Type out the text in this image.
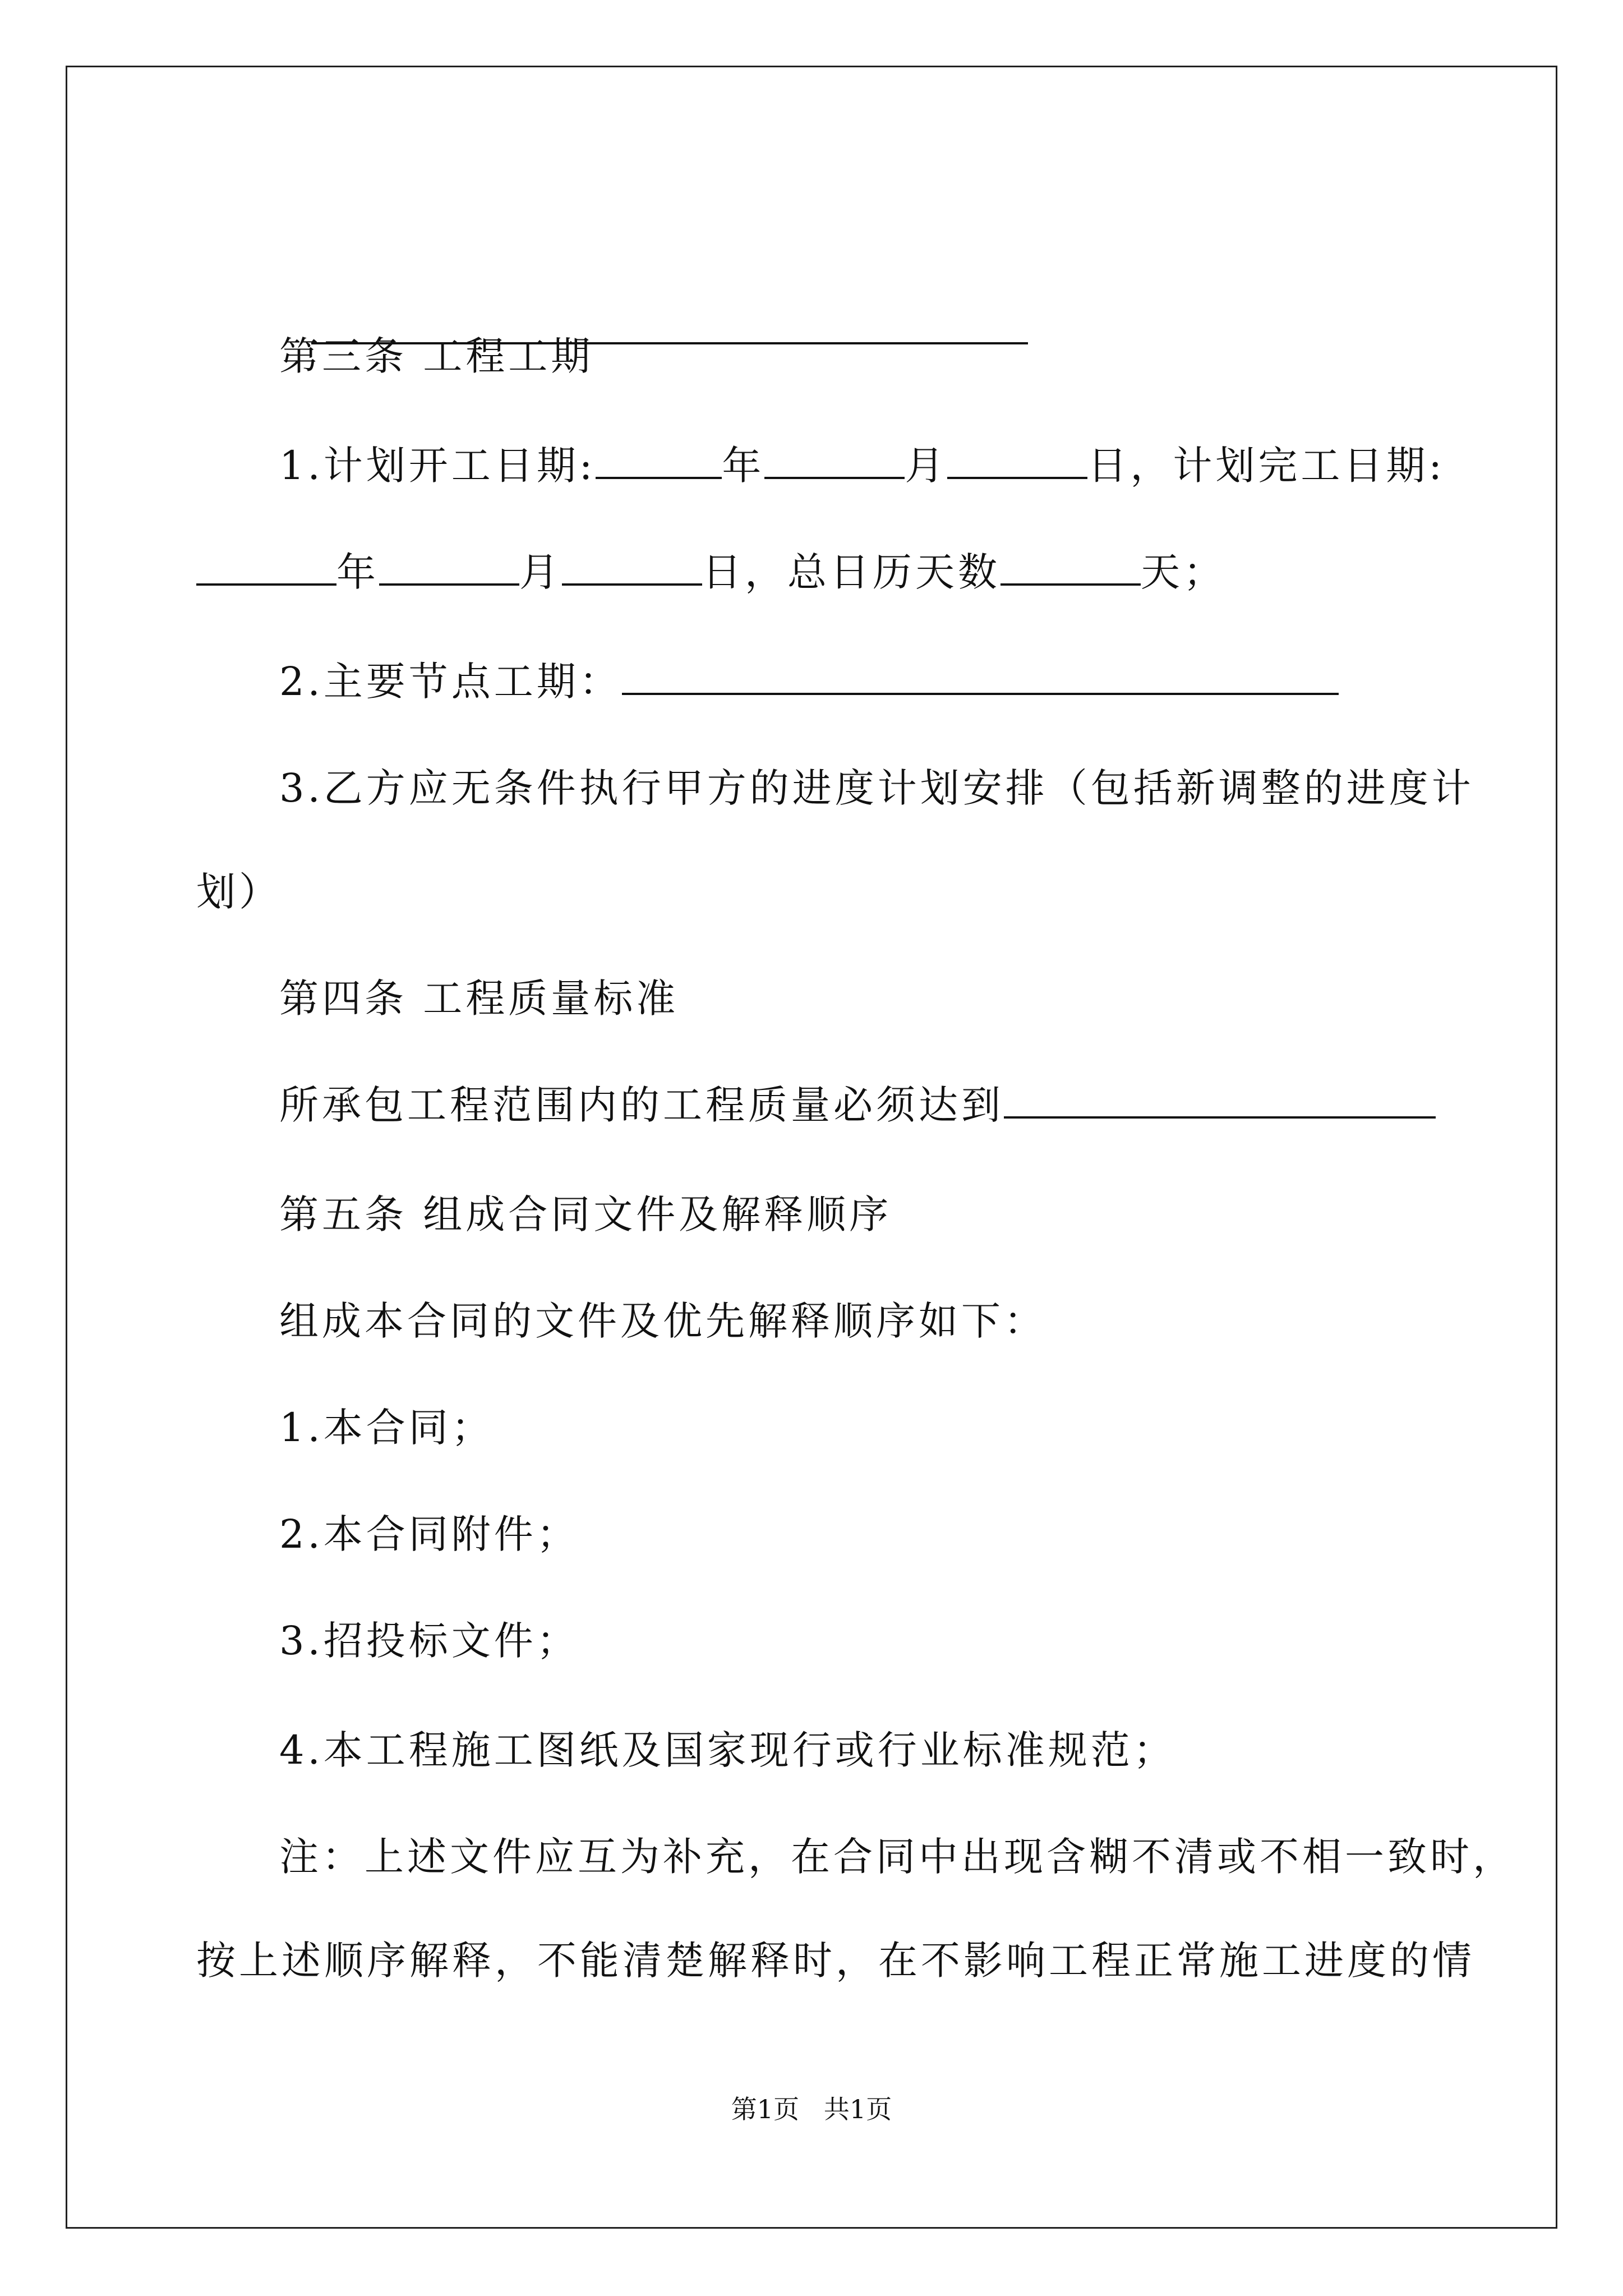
第三条 工程工期
1.计划开工日期:	年	月	日，计划完工日期:
年	月	日，总日历天数	天；
2.主要节点工期：
3.乙方应无条件执行甲方的进度计划安排（包括新调整的进度计
划）
第四条 工程质量标准
所承包工程范围内的工程质量必须达到
第五条 组成合同文件及解释顺序
组成本合同的文件及优先解释顺序如下：
1.本合同；
2.本合同附件；
3.招投标文件；
4.本工程施工图纸及国家现行或行业标准规范；
注：上述文件应互为补充，在合同中出现含糊不清或不相一致时，
按上述顺序解释，不能清楚解释时，在不影响工程正常施工进度的情
第1页   共1页
